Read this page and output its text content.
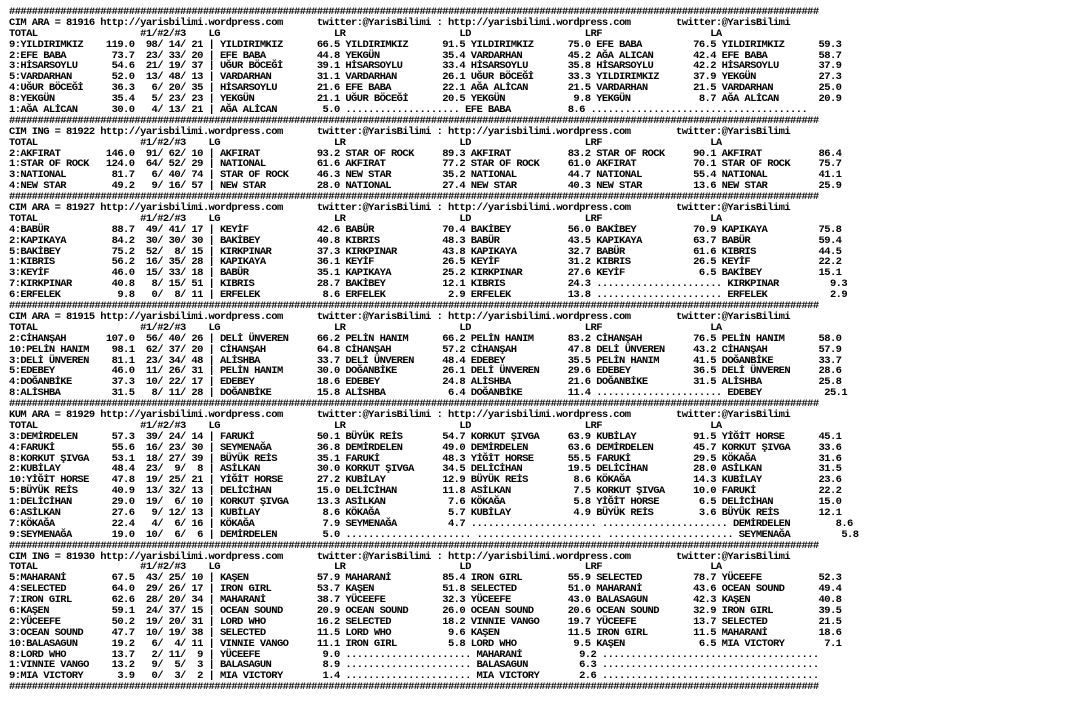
##############################################################################################################################################
CIM ARA = 81916 http://yarisbilimi.wordpress.com      twitter:@YarisBilimi : http://yarisbilimi.wordpress.com        twitter:@YarisBilimi
TOTAL                  #1/#2/#3    LG                    LR                    LD                    LRF                   LA
9:YILDIRIMKIZ    119.0  98/ 14/ 21 | YILDIRIMKIZ      66.5 YILDIRIMKIZ      91.5 YILDIRIMKIZ      75.0 EFE BABA         76.5 YILDIRIMKIZ      59.3
2:EFE BABA        73.7  23/ 33/ 20 | EFE BABA         44.8 YEKGÜN           35.4 VARDARHAN        45.2 AĞA ALICAN       42.4 EFE BABA         58.7
3:HİSARSOYLU      54.6  21/ 19/ 37 | UĞUR BÖCEĞİ      39.1 HİSARSOYLU       33.4 HİSARSOYLU       35.8 HİSARSOYLU       42.2 HİSARSOYLU       37.9
5:VARDARHAN       52.0  13/ 48/ 13 | VARDARHAN        31.1 VARDARHAN        26.1 UĞUR BÖCEĞİ      33.3 YILDIRIMKIZ      37.9 YEKGÜN           27.3
4:UĞUR BÖCEĞİ     36.3   6/ 20/ 35 | HİSARSOYLU       21.6 EFE BABA         22.1 AĞA ALİCAN       21.5 VARDARHAN        21.5 VARDARHAN        25.0
8:YEKGÜN          35.4   5/ 23/ 23 | YEKGÜN           21.1 UĞUR BÖCEĞİ      20.5 YEKGÜN            9.8 YEKGÜN            8.7 AĞA ALİCAN       20.9
1:AĞA ALİCAN      30.0   4/ 13/ 21 | AĞA ALİCAN        5.0 .................... EFE BABA          8.6 ......................................
##############################################################################################################################################
CIM ING = 81922 http://yarisbilimi.wordpress.com      twitter:@YarisBilimi : http://yarisbilimi.wordpress.com        twitter:@YarisBilimi
TOTAL                  #1/#2/#3    LG                    LR                    LD                    LRF                   LA
2:AKFIRAT        146.0  91/ 62/ 10 | AKFIRAT          93.2 STAR OF ROCK     89.3 AKFIRAT          83.2 STAR OF ROCK     90.1 AKFIRAT          86.4
1:STAR OF ROCK   124.0  64/ 52/ 29 | NATIONAL         61.6 AKFIRAT          77.2 STAR OF ROCK     61.0 AKFIRAT          70.1 STAR OF ROCK     75.7
3:NATIONAL        81.7   6/ 40/ 74 | STAR OF ROCK     46.3 NEW STAR         35.2 NATIONAL         44.7 NATIONAL         55.4 NATIONAL         41.1
4:NEW STAR        49.2   9/ 16/ 57 | NEW STAR         28.0 NATIONAL         27.4 NEW STAR         40.3 NEW STAR         13.6 NEW STAR         25.9
##############################################################################################################################################
CIM ARA = 81927 http://yarisbilimi.wordpress.com      twitter:@YarisBilimi : http://yarisbilimi.wordpress.com        twitter:@YarisBilimi
TOTAL                  #1/#2/#3    LG                    LR                    LD                    LRF                   LA
4:BABÜR           88.7  49/ 41/ 17 | KEYİF            42.6 BABÜR            70.4 BAKİBEY          56.0 BAKİBEY          70.9 KAPIKAYA         75.8
2:KAPIKAYA        84.2  30/ 30/ 30 | BAKİBEY          40.8 KIBRIS           48.3 BABÜR            43.5 KAPIKAYA         63.7 BABÜR            59.4
5:BAKİBEY         75.2  52/  8/ 15 | KIRKPINAR        37.3 KIRKPINAR        43.8 KAPIKAYA         32.7 BABÜR            61.6 KIBRIS           44.5
1:KIBRIS          56.2  16/ 35/ 28 | KAPIKAYA         36.1 KEYİF            26.5 KEYİF            31.2 KIBRIS           26.5 KEYİF            22.2
3:KEYİF           46.0  15/ 33/ 18 | BABÜR            35.1 KAPIKAYA         25.2 KIRKPINAR        27.6 KEYİF             6.5 BAKİBEY          15.1
7:KIRKPINAR       40.8   8/ 15/ 51 | KIBRIS           28.7 BAKİBEY          12.1 KIBRIS           24.3 ...................... KIRKPINAR         9.3
6:ERFELEK          9.8   0/  8/ 11 | ERFELEK           8.6 ERFELEK           2.9 ERFELEK          13.8 ...................... ERFELEK           2.9
##############################################################################################################################################
CIM ARA = 81915 http://yarisbilimi.wordpress.com      twitter:@YarisBilimi : http://yarisbilimi.wordpress.com        twitter:@YarisBilimi
TOTAL                  #1/#2/#3    LG                    LR                    LD                    LRF                   LA
2:CİHANŞAH       107.0  56/ 40/ 26 | DELİ ÜNVEREN     66.2 PELİN HANIM      66.2 PELİN HANIM      83.2 CİHANŞAH         76.5 PELİN HANIM      58.0
10:PELİN HANIM    98.1  62/ 37/ 20 | CİHANŞAH         64.8 CİHANŞAH         57.2 CİHANŞAH         47.8 DELİ ÜNVEREN     43.2 CİHANŞAH         57.9
3:DELİ ÜNVEREN    81.1  23/ 34/ 48 | ALİSHBA          33.7 DELİ ÜNVEREN     48.4 EDEBEY           35.5 PELİN HANIM      41.5 DOĞANBİKE        33.7
5:EDEBEY          46.0  11/ 26/ 31 | PELİN HANIM      30.0 DOĞANBİKE        26.1 DELİ ÜNVEREN     29.6 EDEBEY           36.5 DELİ ÜNVEREN     28.6
4:DOĞANBİKE       37.3  10/ 22/ 17 | EDEBEY           18.6 EDEBEY           24.8 ALİSHBA          21.6 DOĞANBİKE        31.5 ALİSHBA          25.8
8:ALİSHBA         31.5   8/ 11/ 28 | DOĞANBİKE        15.8 ALİSHBA           6.4 DOĞANBİKE        11.4 ...................... EDEBEY           25.1
##############################################################################################################################################
KUM ARA = 81929 http://yarisbilimi.wordpress.com      twitter:@YarisBilimi : http://yarisbilimi.wordpress.com        twitter:@YarisBilimi
TOTAL                  #1/#2/#3    LG                    LR                    LD                    LRF                   LA
3:DEMİRDELEN      57.3  39/ 24/ 14 | FARUKİ           50.1 BÜYÜK REİS       54.7 KORKUT ŞIVGA     63.9 KUBİLAY          91.5 YİĞİT HORSE      45.1
4:FARUKİ          55.6  16/ 23/ 30 | SEYMENAĞA        36.8 DEMİRDELEN       49.0 DEMİRDELEN       63.6 DEMİRDELEN       45.7 KORKUT ŞIVGA     33.6
8:KORKUT ŞIVGA    53.1  18/ 27/ 39 | BÜYÜK REİS       35.1 FARUKİ           48.3 YİĞİT HORSE      55.5 FARUKİ           29.5 KÖKAĞA           31.6
2:KUBİLAY         48.4  23/  9/  8 | ASİLKAN          30.0 KORKUT ŞIVGA     34.5 DELİCİHAN        19.5 DELİCİHAN        28.0 ASİLKAN          31.5
10:YİĞİT HORSE    47.8  19/ 25/ 21 | YİĞİT HORSE      27.2 KUBİLAY          12.9 BÜYÜK REİS        8.6 KÖKAĞA           14.3 KUBİLAY          23.6
5:BÜYÜK REİS      40.9  13/ 32/ 13 | DELİCİHAN        15.0 DELİCİHAN        11.8 ASİLKAN           7.5 KORKUT ŞIVGA     10.0 FARUKİ           22.2
1:DELİCİHAN       29.0  19/  6/ 10 | KORKUT ŞIVGA     13.3 ASİLKAN           7.6 KÖKAĞA            5.8 YİĞİT HORSE       6.5 DELİCİHAN        15.0
6:ASİLKAN         27.6   9/ 12/ 13 | KUBİLAY           8.6 KÖKAĞA            5.7 KUBİLAY           4.9 BÜYÜK REİS        3.6 BÜYÜK REİS       12.1
7:KÖKAĞA          22.4   4/  6/ 16 | KÖKAĞA            7.9 SEYMENAĞA         4.7 ...................... ...................... DEMİRDELEN        8.6
9:SEYMENAĞA       19.0  10/  6/  6 | DEMİRDELEN        5.0 ...................... ...................... ...................... SEYMENAĞA         5.8
##############################################################################################################################################
CIM ING = 81930 http://yarisbilimi.wordpress.com      twitter:@YarisBilimi : http://yarisbilimi.wordpress.com        twitter:@YarisBilimi
TOTAL                  #1/#2/#3    LG                    LR                    LD                    LRF                   LA
5:MAHARANİ        67.5  43/ 25/ 10 | KAŞEN            57.9 MAHARANİ         85.4 IRON GIRL        55.9 SELECTED         78.7 YÜCEEFE          52.3
4:SELECTED        64.0  29/ 26/ 17 | IRON GIRL        53.7 KAŞEN            51.8 SELECTED         51.0 MAHARANİ         43.6 OCEAN SOUND      49.4
7:IRON GIRL       62.6  28/ 20/ 34 | MAHARANİ         38.7 YÜCEEFE          32.3 YÜCEEFE          43.0 BALASAGUN        42.3 KAŞEN            40.8
6:KAŞEN           59.1  24/ 37/ 15 | OCEAN SOUND      20.9 OCEAN SOUND      26.0 OCEAN SOUND      20.6 OCEAN SOUND      32.9 IRON GIRL        39.5
2:YÜCEEFE         50.2  19/ 20/ 31 | LORD WHO         16.2 SELECTED         18.2 VINNIE VANGO     19.7 YÜCEEFE          13.7 SELECTED         21.5
3:OCEAN SOUND     47.7  10/ 19/ 38 | SELECTED         11.5 LORD WHO          9.6 KAŞEN            11.5 IRON GIRL        11.5 MAHARANİ         18.6
10:BALASAGUN      19.2   6/  4/ 11 | VINNIE VANGO     11.1 IRON GIRL         5.8 LORD WHO          9.5 KAŞEN             6.5 MIA VICTORY       7.1
8:LORD WHO        13.7   2/ 11/  9 | YÜCEEFE           9.0 ...................... MAHARANİ          9.2 ......................................
1:VINNIE VANGO    13.2   9/  5/  3 | BALASAGUN         8.9 ...................... BALASAGUN         6.3 ......................................
9:MIA VICTORY      3.9   0/  3/  2 | MIA VICTORY       1.4 ...................... MIA VICTORY       2.6 ......................................
##############################################################################################################################################
